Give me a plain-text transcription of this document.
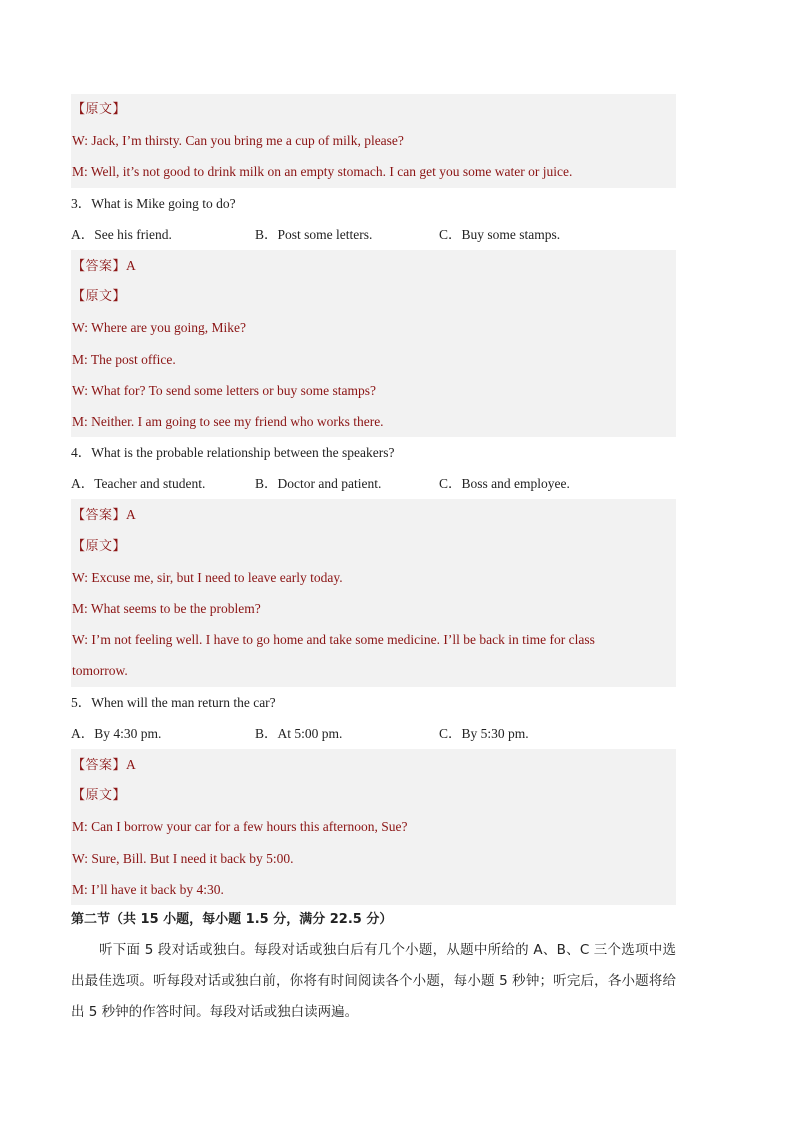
【原文】
W: Jack, I’m thirsty. Can you bring me a cup of milk, please?
M: Well, it’s not good to drink milk on an empty stomach. I can get you some water or juice.
3．What is Mike going to do?
A．See his friend.	B．Post some letters.	C．Buy some stamps.
【答案】A
【原文】
W: Where are you going, Mike?
M: The post office.
W: What for? To send some letters or buy some stamps?
M: Neither. I am going to see my friend who works there.
4．What is the probable relationship between the speakers?
A．Teacher and student.	B．Doctor and patient.	C．Boss and employee.
【答案】A
【原文】
W: Excuse me, sir, but I need to leave early today.
M: What seems to be the problem?
W: I’m not feeling well. I have to go home and take some medicine. I’ll be back in time for class
tomorrow.
5．When will the man return the car?
A．By 4:30 pm.	B．At 5:00 pm.	C．By 5:30 pm.
【答案】A
【原文】
M: Can I borrow your car for a few hours this afternoon, Sue?
W: Sure, Bill. But I need it back by 5:00.
M: I’ll have it back by 4:30.
第二节（共 15 小题，每小题 1.5 分，满分 22.5 分）

听下面 5 段对话或独白。每段对话或独白后有几个小题，从题中所给的 A、B、C 三个选项中选出最佳选项。听每段对话或独白前，你将有时间阅读各个小题，每小题 5 秒钟；听完后，各小题将给出 5 秒钟的作答时间。每段对话或独白读两遍。
